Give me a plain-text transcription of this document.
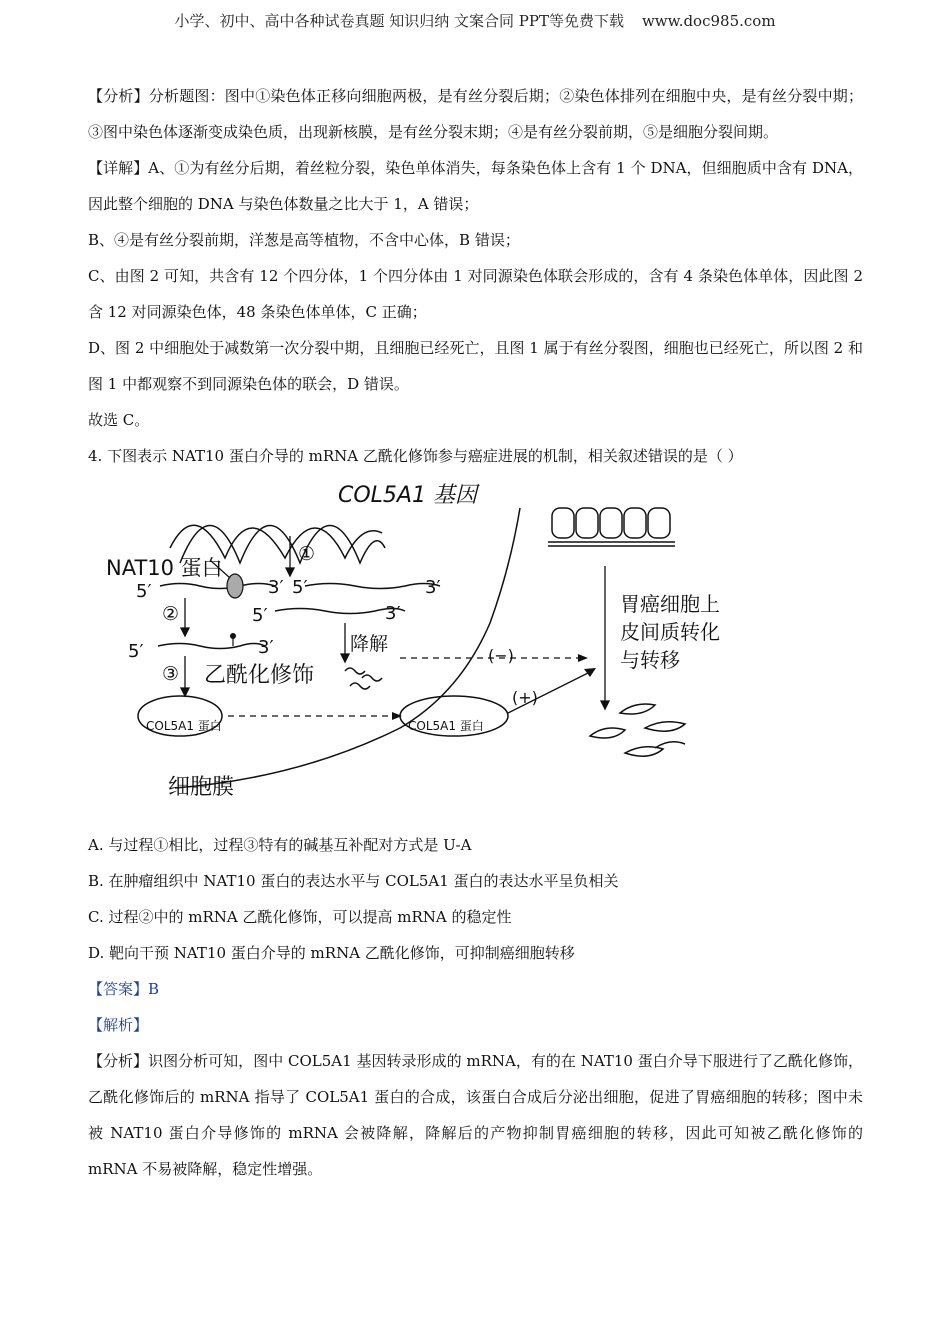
小学、初中、高中各种试卷真题 知识归纳 文案合同 PPT等免费下载 www.doc985.com

【分析】分析题图：图中①染色体正移向细胞两极，是有丝分裂后期；②染色体排列在细胞中央，是有丝分裂中期；③图中染色体逐渐变成染色质，出现新核膜，是有丝分裂末期；④是有丝分裂前期，⑤是细胞分裂间期。

【详解】A、①为有丝分后期，着丝粒分裂，染色单体消失，每条染色体上含有 1 个 DNA，但细胞质中含有 DNA，因此整个细胞的 DNA 与染色体数量之比大于 1，A 错误；

B、④是有丝分裂前期，洋葱是高等植物，不含中心体，B 错误；

C、由图 2 可知，共含有 12 个四分体，1 个四分体由 1 对同源染色体联会形成的，含有 4 条染色体单体，因此图 2 含 12 对同源染色体，48 条染色体单体，C 正确；

D、图 2 中细胞处于减数第一次分裂中期，且细胞已经死亡，且图 1 属于有丝分裂图，细胞也已经死亡，所以图 2 和图 1 中都观察不到同源染色体的联会，D 错误。

故选 C。

4. 下图表示 NAT10 蛋白介导的 mRNA 乙酰化修饰参与癌症进展的机制，相关叙述错误的是（ ）

COL5A1 基因
NAT10 蛋白
①
②
③
5′	3′ 5′	3′
5′	3′
5′	3′	降解
乙酰化修饰
COL5A1 蛋白	COL5A1 蛋白
(−)
(+)
细胞膜
胃癌细胞上
皮间质转化
与转移

A. 与过程①相比，过程③特有的碱基互补配对方式是 U-A

B. 在肿瘤组织中 NAT10 蛋白的表达水平与 COL5A1 蛋白的表达水平呈负相关

C. 过程②中的 mRNA 乙酰化修饰，可以提高 mRNA 的稳定性

D. 靶向干预 NAT10 蛋白介导的 mRNA 乙酰化修饰，可抑制癌细胞转移

【答案】B

【解析】

【分析】识图分析可知，图中 COL5A1 基因转录形成的 mRNA，有的在 NAT10 蛋白介导下服进行了乙酰化修饰，乙酰化修饰后的 mRNA 指导了 COL5A1 蛋白的合成，该蛋白合成后分泌出细胞，促进了胃癌细胞的转移；图中未被 NAT10 蛋白介导修饰的 mRNA 会被降解，降解后的产物抑制胃癌细胞的转移，因此可知被乙酰化修饰的 mRNA 不易被降解，稳定性增强。
